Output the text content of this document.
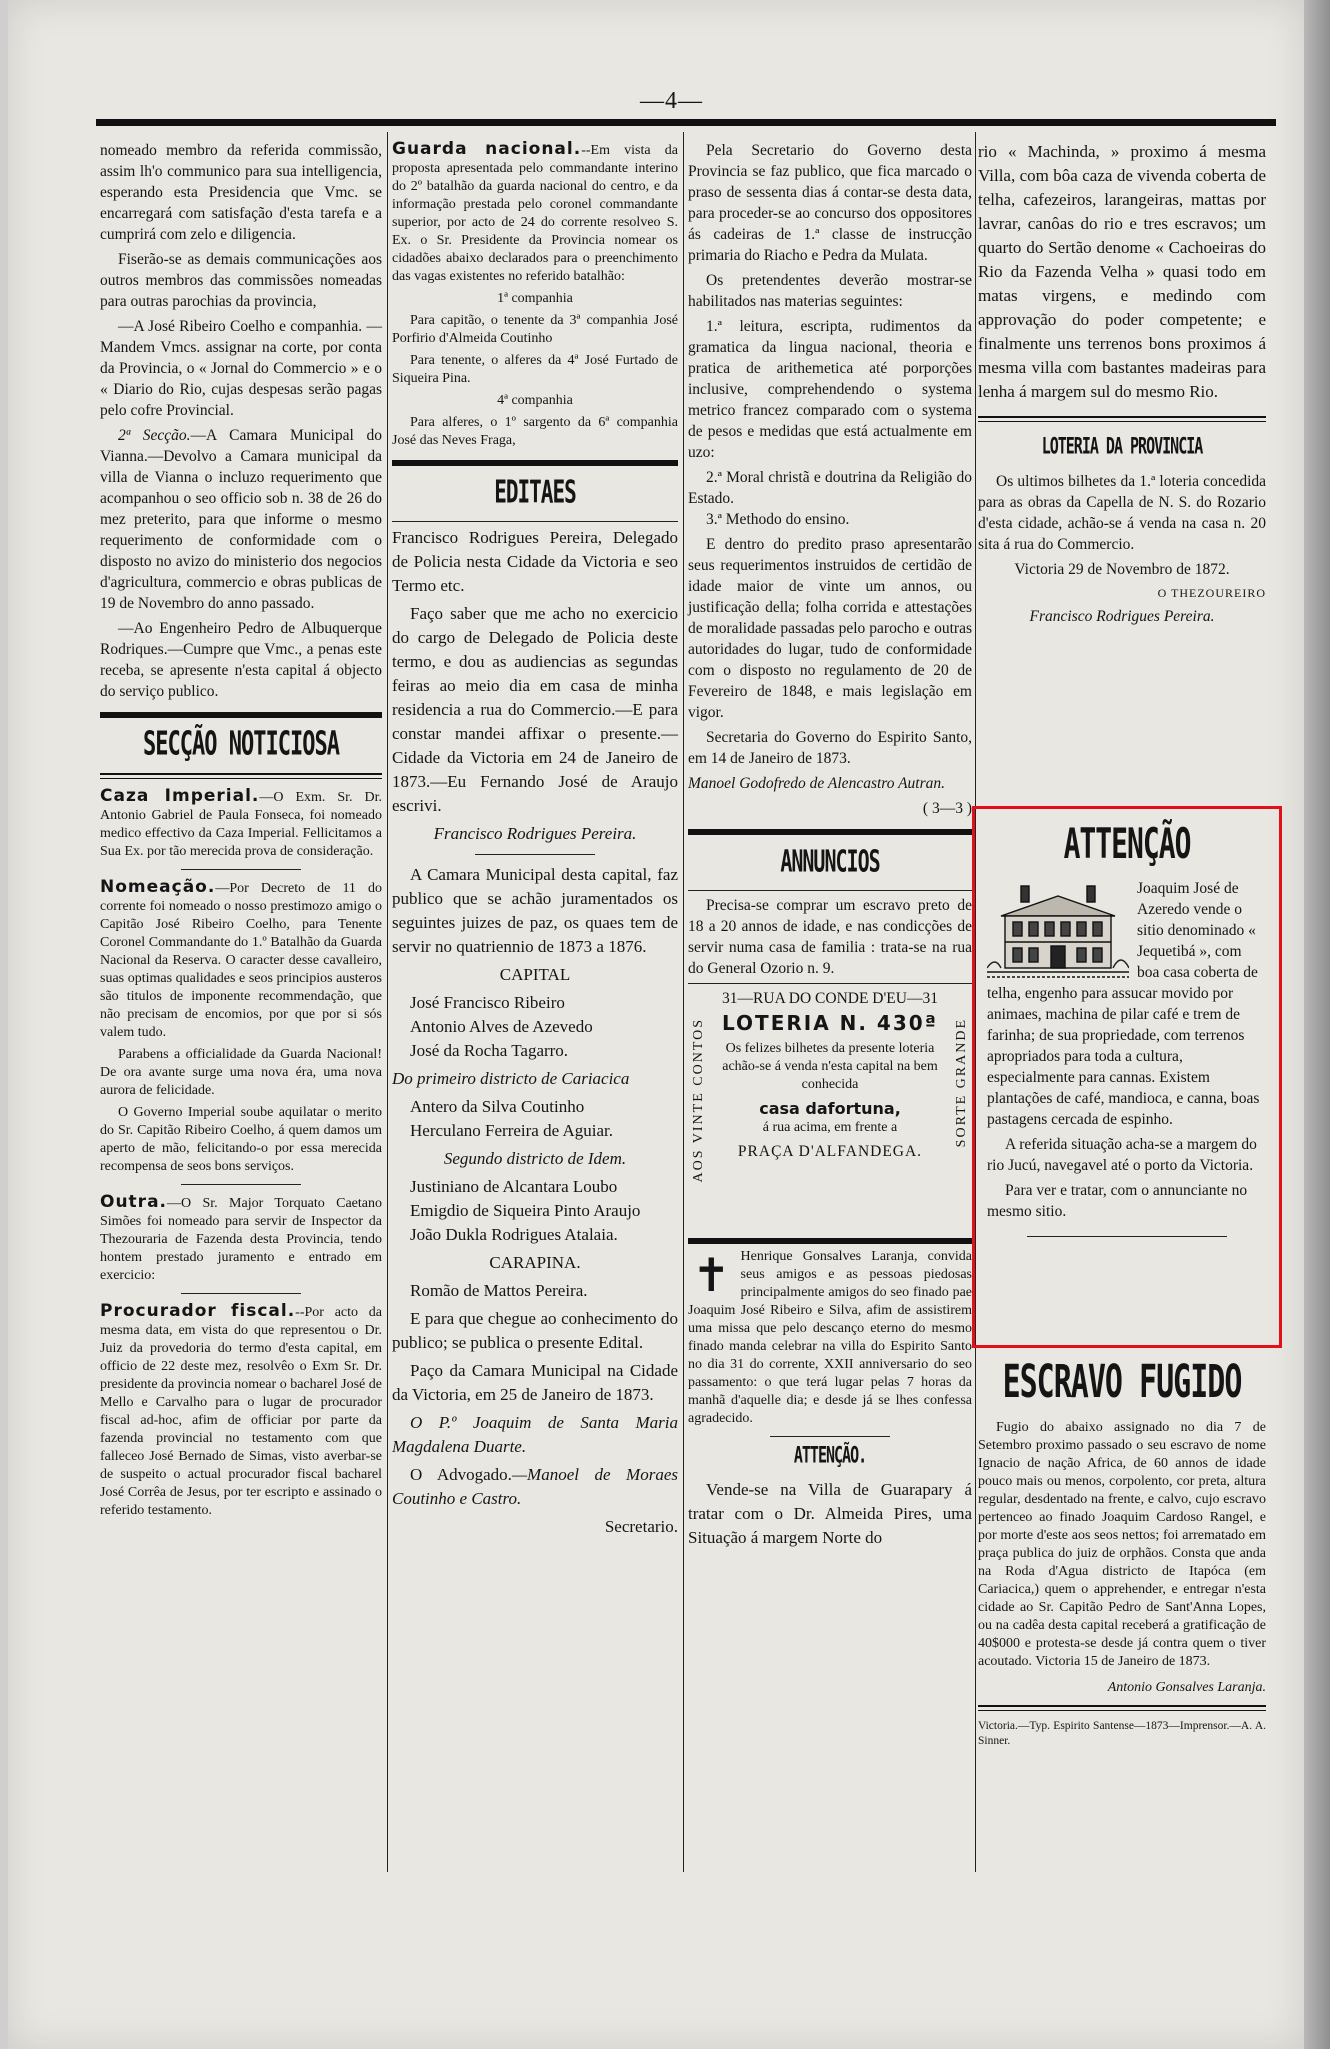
—4—

nomeado membro da referida commissão, assim lh'o communico para sua intelligencia, esperando esta Presidencia que Vmc. se encarregará com satisfação d'esta tarefa e a cumprirá com zelo e diligencia.

Fiserão-se as demais communicações aos outros membros das commissões nomeadas para outras parochias da provincia,

—A José Ribeiro Coelho e companhia. — Mandem Vmcs. assignar na corte, por conta da Provincia, o « Jornal do Commercio » e o « Diario do Rio, cujas despesas serão pagas pelo cofre Provincial.

2ª Secção.—A Camara Municipal do Vianna.—Devolvo a Camara municipal da villa de Vianna o incluzo requerimento que acompanhou o seo officio sob n. 38 de 26 do mez preterito, para que informe o mesmo requerimento de conformidade com o disposto no avizo do ministerio dos negocios d'agricultura, commercio e obras publicas de 19 de Novembro do anno passado.

—Ao Engenheiro Pedro de Albuquerque Rodriques.—Cumpre que Vmc., a penas este receba, se apresente n'esta capital á objecto do serviço publico.

SECÇÃO NOTICIOSA

Caza Imperial.—O Exm. Sr. Dr. Antonio Gabriel de Paula Fonseca, foi nomeado medico effectivo da Caza Imperial. Fellicitamos a Sua Ex. por tão merecida prova de consideração.

Nomeação.—Por Decreto de 11 do corrente foi nomeado o nosso prestimozo amigo o Capitão José Ribeiro Coelho, para Tenente Coronel Commandante do 1.º Batalhão da Guarda Nacional da Reserva. O caracter desse cavalleiro, suas optimas qualidades e seos principios austeros são titulos de imponente recommendação, que não precisam de encomios, por que por si sós valem tudo.

Parabens a officialidade da Guarda Nacional! De ora avante surge uma nova éra, uma nova aurora de felicidade.

O Governo Imperial soube aquilatar o merito do Sr. Capitão Ribeiro Coelho, á quem damos um aperto de mão, felicitando-o por essa merecida recompensa de seos bons serviços.

Outra.—O Sr. Major Torquato Caetano Simões foi nomeado para servir de Inspector da Thezouraria de Fazenda desta Provincia, tendo hontem prestado juramento e entrado em exercicio:

Procurador fiscal.--Por acto da mesma data, em vista do que representou o Dr. Juiz da provedoria do termo d'esta capital, em officio de 22 deste mez, resolvêo o Exm Sr. Dr. presidente da provincia nomear o bacharel José de Mello e Carvalho para o lugar de procurador fiscal ad-hoc, afim de officiar por parte da fazenda provincial no testamento com que falleceo José Bernado de Simas, visto averbar-se de suspeito o actual procurador fiscal bacharel José Corrêa de Jesus, por ter escripto e assinado o referido testamento.

Guarda nacional.--Em vista da proposta apresentada pelo commandante interino do 2º batalhão da guarda nacional do centro, e da informação prestada pelo coronel commandante superior, por acto de 24 do corrente resolveo S. Ex. o Sr. Presidente da Provincia nomear os cidadões abaixo declarados para o preenchimento das vagas existentes no referido batalhão:

1ª companhia

Para capitão, o tenente da 3ª companhia José Porfirio d'Almeida Coutinho

Para tenente, o alferes da 4ª José Furtado de Siqueira Pina.

4ª companhia

Para alferes, o 1º sargento da 6ª companhia José das Neves Fraga,

EDITAES

Francisco Rodrigues Pereira, Delegado de Policia nesta Cidade da Victoria e seo Termo etc.

Faço saber que me acho no exercicio do cargo de Delegado de Policia deste termo, e dou as audiencias as segundas feiras ao meio dia em casa de minha residencia a rua do Commercio.—E para constar mandei affixar o presente.—Cidade da Victoria em 24 de Janeiro de 1873.—Eu Fernando José de Araujo escrivi.

Francisco Rodrigues Pereira.

A Camara Municipal desta capital, faz publico que se achão juramentados os seguintes juizes de paz, os quaes tem de servir no quatriennio de 1873 a 1876.

CAPITAL

José Francisco Ribeiro

Antonio Alves de Azevedo

José da Rocha Tagarro.

Do primeiro districto de Cariacica

Antero da Silva Coutinho

Herculano Ferreira de Aguiar.

Segundo districto de Idem.

Justiniano de Alcantara Loubo

Emigdio de Siqueira Pinto Araujo

João Dukla Rodrigues Atalaia.

CARAPINA.

Romão de Mattos Pereira.

E para que chegue ao conhecimento do publico; se publica o presente Edital.

Paço da Camara Municipal na Cidade da Victoria, em 25 de Janeiro de 1873.

O P.º Joaquim de Santa Maria Magdalena Duarte.

O Advogado.—Manoel de Moraes Coutinho e Castro.

Secretario.

Pela Secretario do Governo desta Provincia se faz publico, que fica marcado o praso de sessenta dias á contar-se desta data, para proceder-se ao concurso dos oppositores ás cadeiras de 1.ª classe de instrucção primaria do Riacho e Pedra da Mulata.

Os pretendentes deverão mostrar-se habilitados nas materias seguintes:

1.ª leitura, escripta, rudimentos da gramatica da lingua nacional, theoria e pratica de arithemetica até porporções inclusive, comprehendendo o systema metrico francez comparado com o systema de pesos e medidas que está actualmente em uzo:

2.ª Moral christã e doutrina da Religião do Estado.

3.ª Methodo do ensino.

E dentro do predito praso apresentarão seus requerimentos instruidos de certidão de idade maior de vinte um annos, ou justificação della; folha corrida e attestações de moralidade passadas pelo parocho e outras autoridades do lugar, tudo de conformidade com o disposto no regulamento de 20 de Fevereiro de 1848, e mais legislação em vigor.

Secretaria do Governo do Espirito Santo, em 14 de Janeiro de 1873.

Manoel Godofredo de Alencastro Autran.

( 3—3 )

ANNUNCIOS

Precisa-se comprar um escravo preto de 18 a 20 annos de idade, e nas condicções de servir numa casa de familia : trata-se na rua do General Ozorio n. 9.

31—RUA DO CONDE D'EU—31

AOS VINTE CONTOS	SORTE GRANDE
LOTERIA N. 430ª

Os felizes bilhetes da presente loteria achão-se á venda n'esta capital na bem conhecida

casa dafortuna,

á rua acima, em frente a

PRAÇA D'ALFANDEGA.

✝ Henrique Gonsalves Laranja, convida seus amigos e as pessoas piedosas principalmente amigos do seo finado pae Joaquim José Ribeiro e Silva, afim de assistirem uma missa que pelo descanço eterno do mesmo finado manda celebrar na villa do Espirito Santo no dia 31 do corrente, XXII anniversario do seo passamento: o que terá lugar pelas 7 horas da manhã d'aquelle dia; e desde já se lhes confessa agradecido.

ATTENÇÃO.

Vende-se na Villa de Guarapary á tratar com o Dr. Almeida Pires, uma Situação á margem Norte do

rio « Machinda, » proximo á mesma Villa, com bôa caza de vivenda coberta de telha, cafezeiros, larangeiras, mattas por lavrar, canôas do rio e tres escravos; um quarto do Sertão denome « Cachoeiras do Rio da Fazenda Velha » quasi todo em matas virgens, e medindo com approvação do poder competente; e finalmente uns terrenos bons proximos á mesma villa com bastantes madeiras para lenha á margem sul do mesmo Rio.

LOTERIA DA PROVINCIA

Os ultimos bilhetes da 1.ª loteria concedida para as obras da Capella de N. S. do Rozario d'esta cidade, achão-se á venda na casa n. 20 sita á rua do Commercio.

Victoria 29 de Novembro de 1872.

O THEZOUREIRO

Francisco Rodrigues Pereira.

ATTENÇÃO

Joaquim José de Azeredo vende o sitio denominado « Jequetibá », com boa casa coberta de telha, engenho para assucar movido por animaes, machina de pilar café e trem de farinha; de sua propriedade, com terrenos apropriados para toda a cultura, especialmente para cannas. Existem plantações de café, mandioca, e canna, boas pastagens cercada de espinho.

A referida situação acha-se a margem do rio Jucú, navegavel até o porto da Victoria.

Para ver e tratar, com o annunciante no mesmo sitio.

ESCRAVO FUGIDO

Fugio do abaixo assignado no dia 7 de Setembro proximo passado o seu escravo de nome Ignacio de nação Africa, de 60 annos de idade pouco mais ou menos, corpolento, cor preta, altura regular, desdentado na frente, e calvo, cujo escravo pertenceo ao finado Joaquim Cardoso Rangel, e por morte d'este aos seos nettos; foi arrematado em praça publica do juiz de orphãos. Consta que anda na Roda d'Agua districto de Itapóca (em Cariacica,) quem o apprehender, e entregar n'esta cidade ao Sr. Capitão Pedro de Sant'Anna Lopes, ou na cadêa desta capital receberá a gratificação de 40$000 e protesta-se desde já contra quem o tiver acoutado. Victoria 15 de Janeiro de 1873.

Antonio Gonsalves Laranja.

Victoria.—Typ. Espirito Santense—1873—Imprensor.—A. A. Sinner.
